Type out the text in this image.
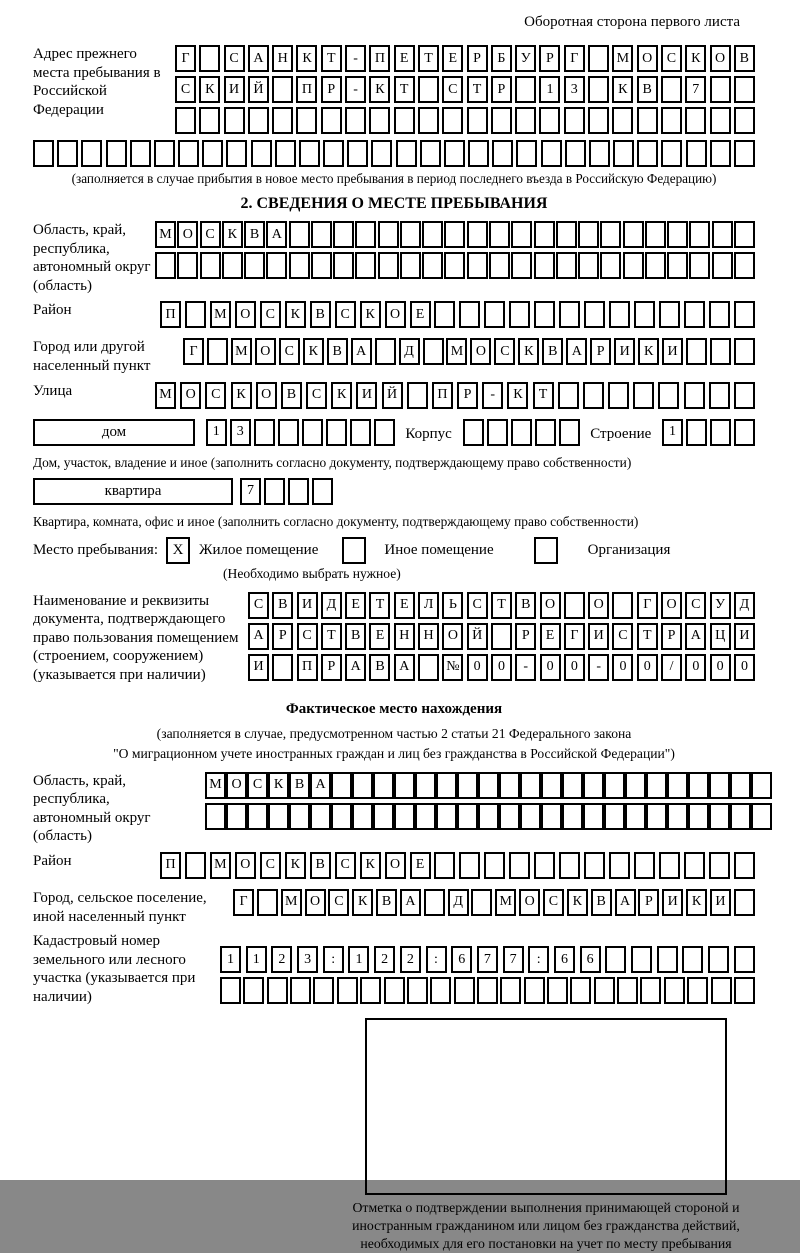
Оборотная сторона первого листа
Адрес прежнего места пребывания в Российской Федерации
Г	С	А	Н	К	Т	-	П	Е	Т	Е	Р	Б	У	Р	Г	М О	С	К	О	В
С	К	И	Й	П	Р	-	К	Т	С	Т	Р	1	3	К	В	7
(заполняется в случае прибытия в новое место пребывания в период последнего въезда в Российскую Федерацию)
2. СВЕДЕНИЯ О МЕСТЕ ПРЕБЫВАНИЯ
Область, край, республика, автономный округ (область)
М О С К В А
Район	П	М О	С	К	В	С	К	О	Е
Город или другой населенный пункт
Г	М О	С	К	В	А	Д	М О	С	К	В	А	Р	И	К	И
Улица	М О	С	К	О	В	С	К	И	Й	П	Р	-	К	Т
дом	1	3	Корпус	Строение	1
Дом, участок, владение и иное (заполнить согласно документу, подтверждающему право собственности)
квартира	7
Квартира, комната, офис и иное (заполнить согласно документу, подтверждающему право собственности)
Место пребывания: X	Жилое помещение	Иное помещение	Организация
(Необходимо выбрать нужное)
Наименование и реквизиты документа, подтверждающего право пользования помещением (строением, сооружением) (указывается при наличии)
С	В	И	Д	Е	Т	Е	Л	Ь	С	Т	В	О	О	Г	О	С	У	Д
А	Р	С	Т	В	Е	Н	Н	О	Й	Р	Е	Г	И	С	Т	Р	А	Ц	И
И	П	Р	А	В	А	№	0	0	-	0	0	-	0	0	/	0	0	0
Фактическое место нахождения
(заполняется в случае, предусмотренном частью 2 статьи 21 Федерального закона
"О миграционном учете иностранных граждан и лиц без гражданства в Российской Федерации")
Область, край, республика, автономный округ (область)
М О С К В А
Район	П	М О	С	К	В	С	К	О	Е
Город, сельское поселение, иной населенный пункт
Г	М О	С	К	В	А	Д	М О	С	К	В	А	Р	И	К	И
Кадастровый номер земельного или лесного участка (указывается при наличии)
1	1	2	3	:	1	2	2	:	6	7	7	:	6	6
Отметка о подтверждении выполнения принимающей стороной и иностранным гражданином или лицом без гражданства действий, необходимых для его постановки на учет по месту пребывания
